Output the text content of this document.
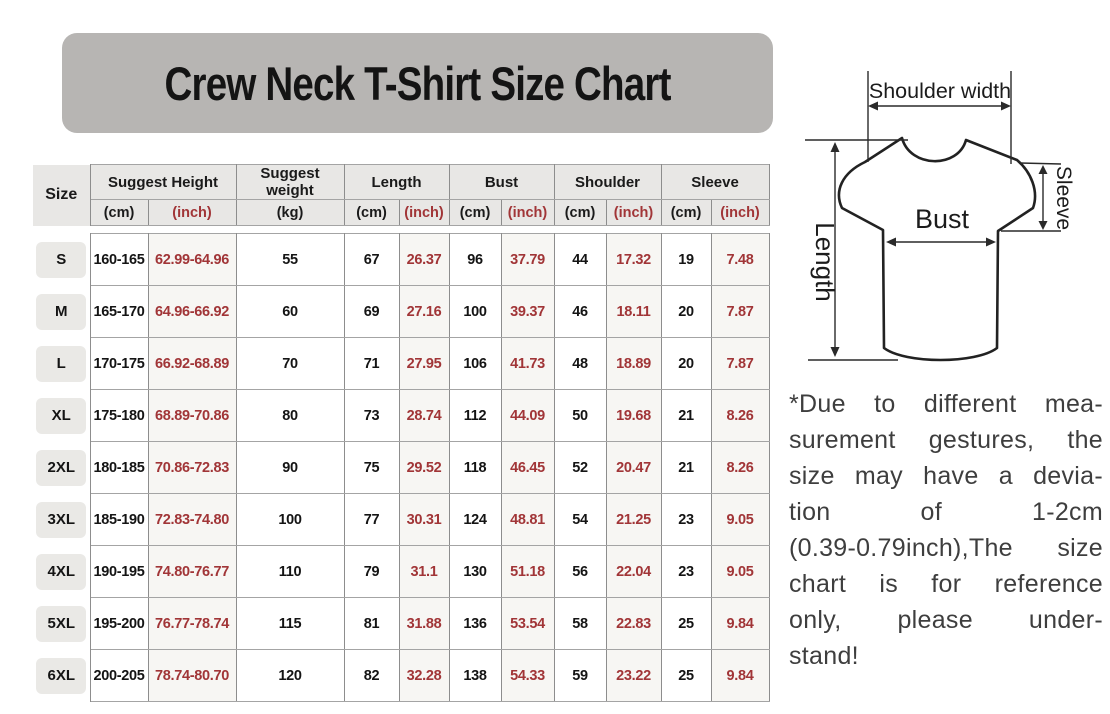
Crew Neck T-Shirt Size Chart
Size	Suggest Height		Suggest weight	Length		Bust		Shoulder		Sleeve	
	(cm)	(inch)	(kg)	(cm)	(inch)	(cm)	(inch)	(cm)	(inch)	(cm)	(inch)

S	160-165	62.99-64.96	55	67	26.37	96	37.79	44	17.32	19	7.48

M	165-170	64.96-66.92	60	69	27.16	100	39.37	46	18.11	20	7.87

L	170-175	66.92-68.89	70	71	27.95	106	41.73	48	18.89	20	7.87

XL	175-180	68.89-70.86	80	73	28.74	112	44.09	50	19.68	21	8.26

2XL	180-185	70.86-72.83	90	75	29.52	118	46.45	52	20.47	21	8.26

3XL	185-190	72.83-74.80	100	77	30.31	124	48.81	54	21.25	23	9.05

4XL	190-195	74.80-76.77	110	79	31.1	130	51.18	56	22.04	23	9.05

5XL	195-200	76.77-78.74	115	81	31.88	136	53.54	58	22.83	25	9.84

6XL	200-205	78.74-80.70	120	82	32.28	138	54.33	59	23.22	25	9.84
Shoulder width
Length
Bust	Sleeve
*Due to different mea-
surement gestures, the
size may have a devia-
tion of 1-2cm
(0.39-0.79inch),The size
chart is for reference
only, please under-
stand!
